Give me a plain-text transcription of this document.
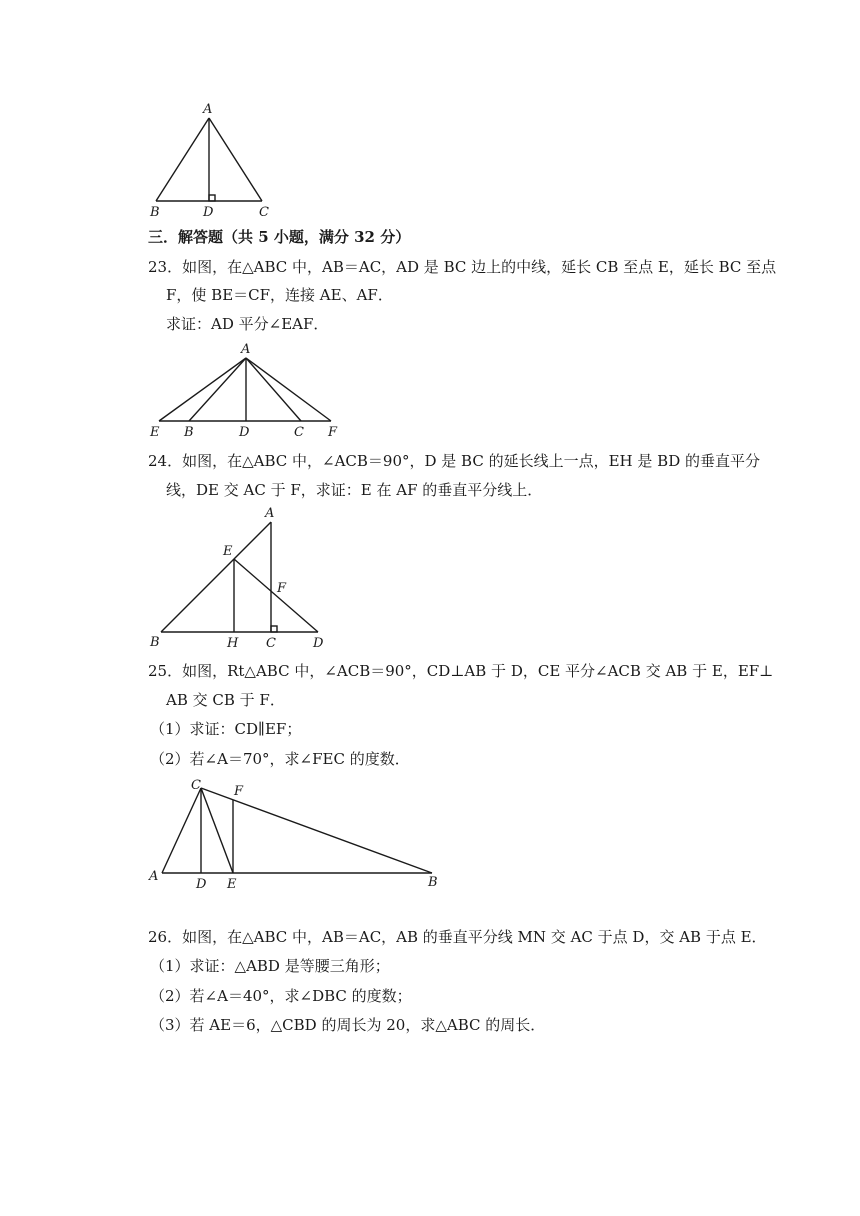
A
B	D	C
三．解答题（共 5 小题，满分 32 分）
23．如图，在△ABC 中，AB＝AC，AD 是 BC 边上的中线，延长 CB 至点 E，延长 BC 至点
F，使 BE＝CF，连接 AE、AF．
求证：AD 平分∠EAF．
A
E B	D	C F
24．如图，在△ABC 中，∠ACB＝90°，D 是 BC 的延长线上一点，EH 是 BD 的垂直平分
线，DE 交 AC 于 F，求证：E 在 AF 的垂直平分线上．
A
E
F
B	H C	D
25．如图，Rt△ABC 中，∠ACB＝90°，CD⊥AB 于 D，CE 平分∠ACB 交 AB 于 E，EF⊥
AB 交 CB 于 F．
（1）求证：CD∥EF；
（2）若∠A＝70°，求∠FEC 的度数．
C	F
A
D E	B
26．如图，在△ABC 中，AB＝AC，AB 的垂直平分线 MN 交 AC 于点 D，交 AB 于点 E．
（1）求证：△ABD 是等腰三角形；
（2）若∠A＝40°，求∠DBC 的度数；
（3）若 AE＝6，△CBD 的周长为 20，求△ABC 的周长．
